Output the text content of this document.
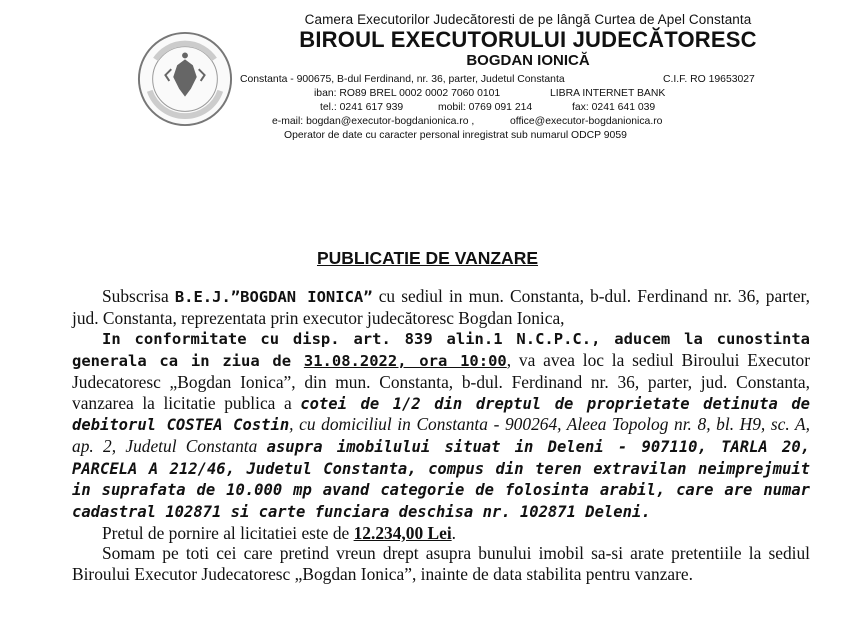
Camera Executorilor Judecătoresti de pe lângă Curtea de Apel Constanta
BIROUL EXECUTORULUI JUDECĂTORESC
BOGDAN IONICĂ
Constanta - 900675, B-dul Ferdinand, nr. 36, parter, Judetul Constanta	C.I.F. RO 19653027
iban: RO89 BREL 0002 0002 7060 0101	LIBRA INTERNET BANK
tel.: 0241 617 939	mobil: 0769 091 214	fax: 0241 641 039
e-mail: bogdan@executor-bogdanionica.ro ,	office@executor-bogdanionica.ro
Operator de date cu caracter personal inregistrat sub numarul ODCP 9059
PUBLICATIE DE VANZARE

Subscrisa B.E.J.”BOGDAN IONICA” cu sediul in mun. Constanta, b-dul. Ferdinand nr. 36, parter, jud. Constanta, reprezentata prin executor judecătoresc Bogdan Ionica,

In conformitate cu disp. art. 839 alin.1 N.C.P.C., aducem la cunostinta generala ca in ziua de 31.08.2022, ora 10:00, va avea loc la sediul Biroului Executor Judecatoresc „Bogdan Ionica”, din mun. Constanta, b-dul. Ferdinand nr. 36, parter, jud. Constanta, vanzarea la licitatie publica a cotei de 1/2 din dreptul de proprietate detinuta de debitorul COSTEA Costin, cu domiciliul in Constanta - 900264, Aleea Topolog nr. 8, bl. H9, sc. A, ap. 2, Judetul Constanta asupra imobilului situat in Deleni - 907110, TARLA 20, PARCELA A 212/46, Judetul Constanta, compus din teren extravilan neimprejmuit in suprafata de 10.000 mp avand categorie de folosinta arabil, care are numar cadastral 102871 si carte funciara deschisa nr. 102871 Deleni.

Pretul de pornire al licitatiei este de 12.234,00 Lei.

Somam pe toti cei care pretind vreun drept asupra bunului imobil sa-si arate pretentiile la sediul Biroului Executor Judecatoresc „Bogdan Ionica”, inainte de data stabilita pentru vanzare.
